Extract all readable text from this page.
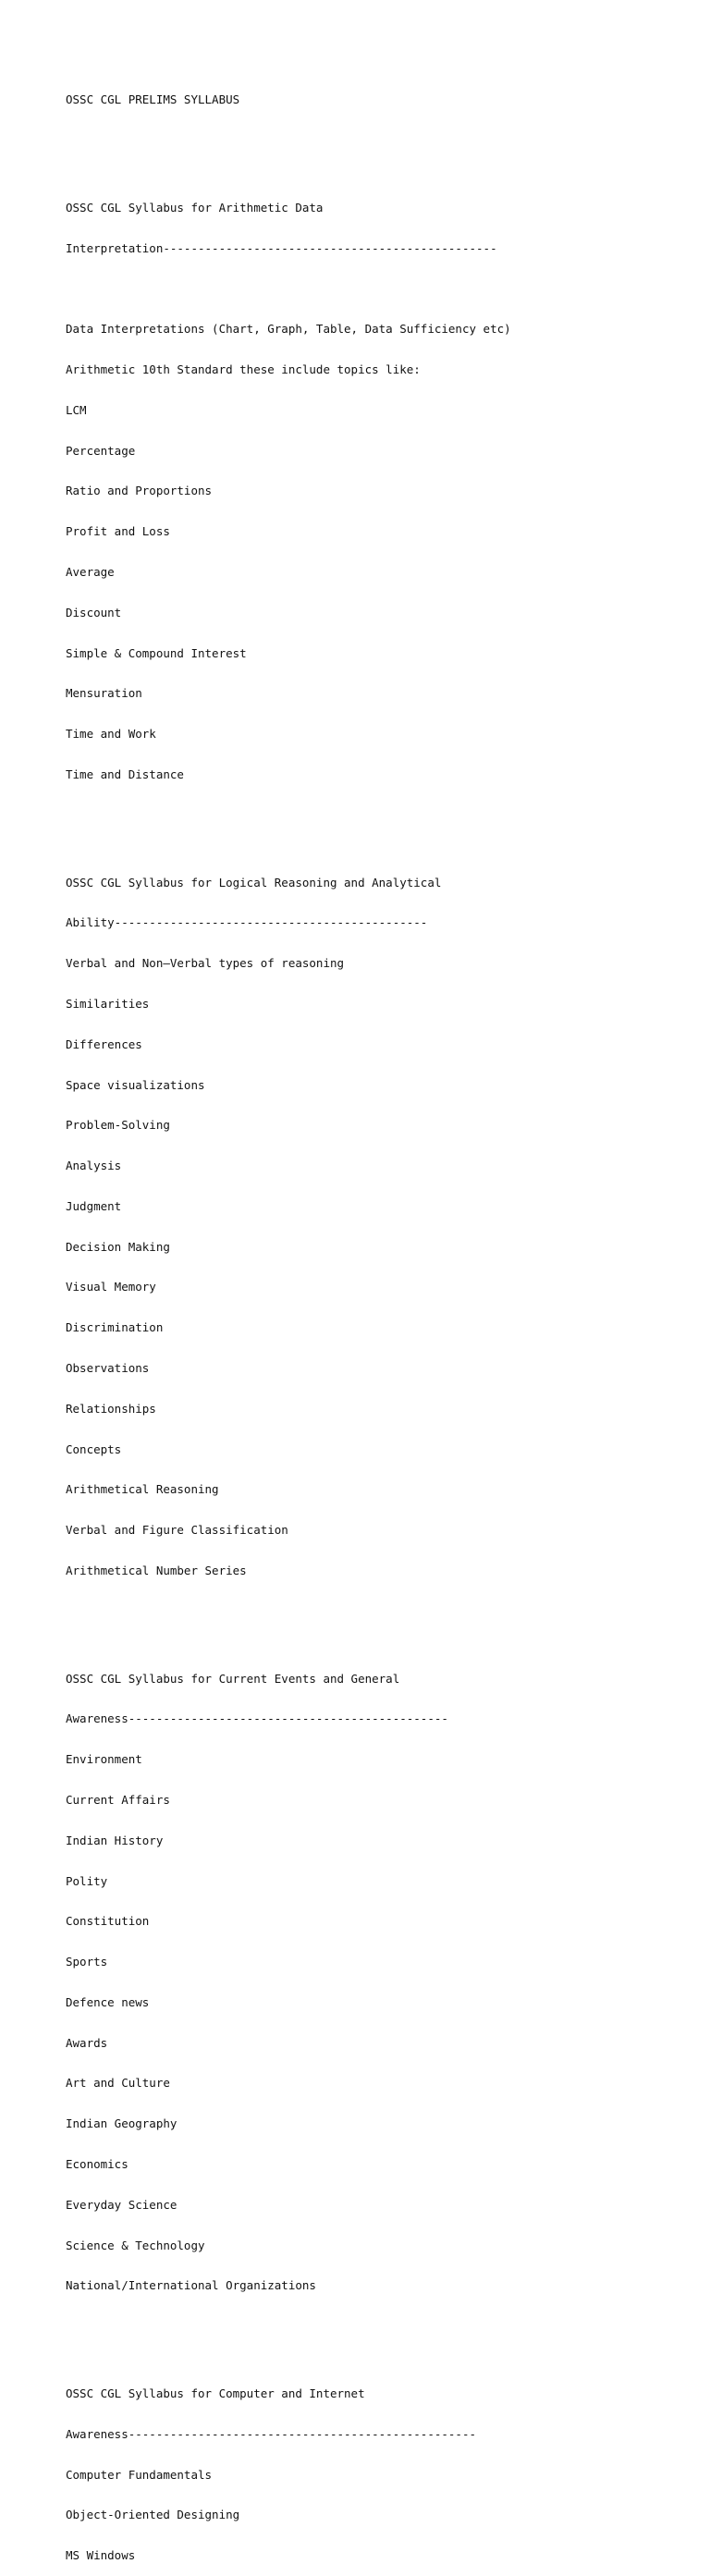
OSSC CGL PRELIMS SYLLABUS

OSSC CGL Syllabus for Arithmetic Data

Interpretation------------------------------------------------

Data Interpretations (Chart, Graph, Table, Data Sufficiency etc)

Arithmetic 10th Standard these include topics like:

LCM

Percentage

Ratio and Proportions

Profit and Loss

Average

Discount

Simple & Compound Interest

Mensuration

Time and Work

Time and Distance

OSSC CGL Syllabus for Logical Reasoning and Analytical

Ability---------------------------------------------

Verbal and Non–Verbal types of reasoning

Similarities

Differences

Space visualizations

Problem-Solving

Analysis

Judgment

Decision Making

Visual Memory

Discrimination

Observations

Relationships

Concepts

Arithmetical Reasoning

Verbal and Figure Classification

Arithmetical Number Series

OSSC CGL Syllabus for Current Events and General

Awareness----------------------------------------------

Environment

Current Affairs

Indian History

Polity

Constitution

Sports

Defence news

Awards

Art and Culture

Indian Geography

Economics

Everyday Science

Science & Technology

National/International Organizations

OSSC CGL Syllabus for Computer and Internet

Awareness--------------------------------------------------

Computer Fundamentals

Object-Oriented Designing

MS Windows
